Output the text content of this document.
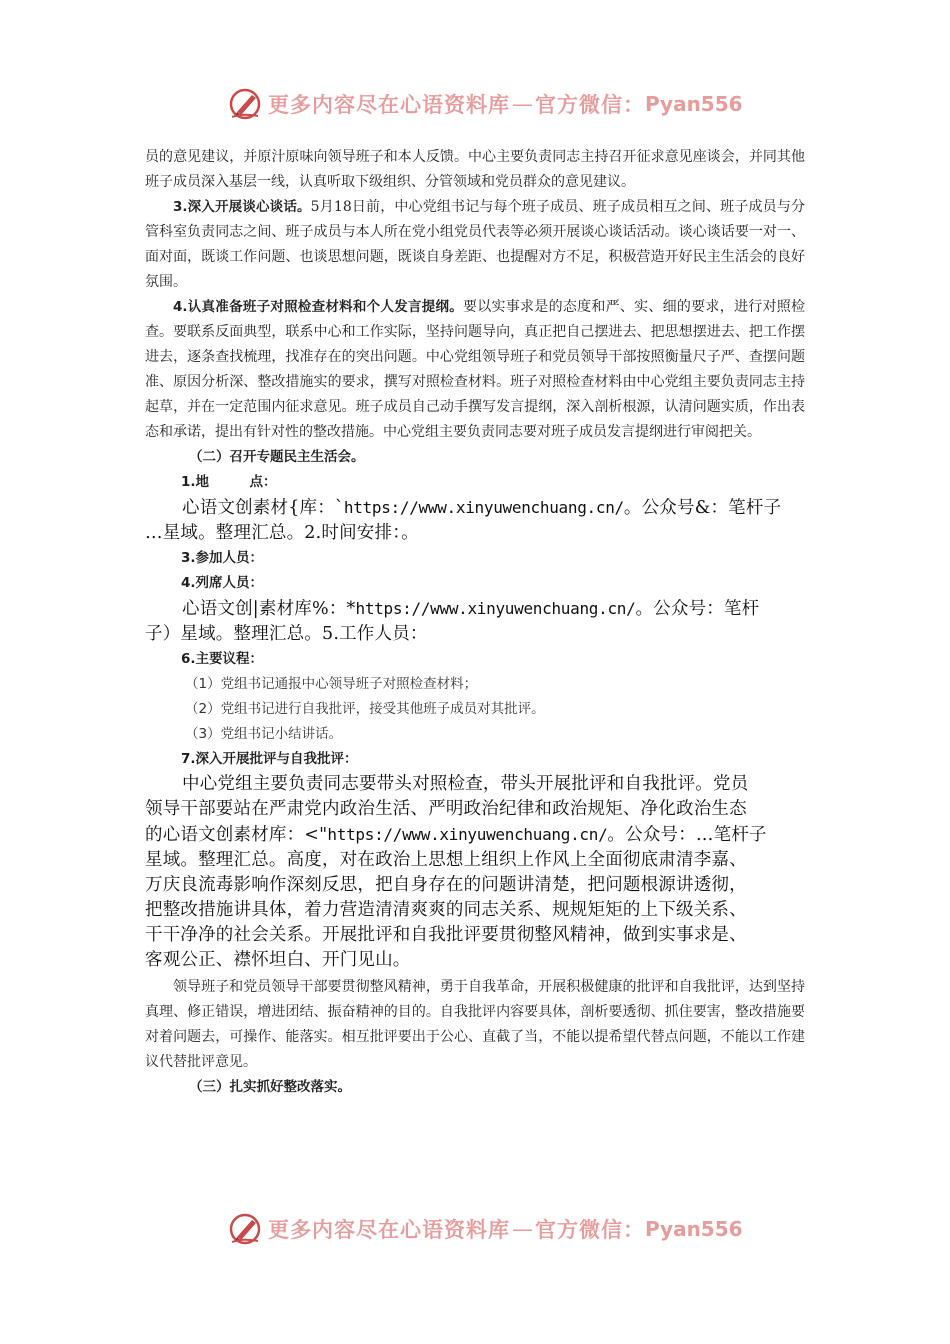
更多内容尽在心语资料库 — 官方微信： Pyan556

员的意见建议，并原汁原味向领导班子和本人反馈。中心主要负责同志主持召开征求意见座谈会，并同其他班子成员深入基层一线，认真听取下级组织、分管领域和党员群众的意见建议。

3.深入开展谈心谈话。5月18日前，中心党组书记与每个班子成员、班子成员相互之间、班子成员与分管科室负责同志之间、班子成员与本人所在党小组党员代表等必须开展谈心谈话活动。谈心谈话要一对一、面对面，既谈工作问题、也谈思想问题，既谈自身差距、也提醒对方不足，积极营造开好民主生活会的良好氛围。

4.认真准备班子对照检查材料和个人发言提纲。要以实事求是的态度和严、实、细的要求，进行对照检查。要联系反面典型，联系中心和工作实际，坚持问题导向，真正把自己摆进去、把思想摆进去、把工作摆进去，逐条查找梳理，找准存在的突出问题。中心党组领导班子和党员领导干部按照衡量尺子严、查摆问题准、原因分析深、整改措施实的要求，撰写对照检查材料。班子对照检查材料由中心党组主要负责同志主持起草，并在一定范围内征求意见。班子成员自己动手撰写发言提纲，深入剖析根源，认清问题实质，作出表态和承诺，提出有针对性的整改措施。中心党组主要负责同志要对班子成员发言提纲进行审阅把关。

（二）召开专题民主生活会。

1.地　　　点：

心语文创素材{库：`https://www.xinyuwenchuang.cn/。公众号&：笔杆子

…星域。整理汇总。2.时间安排：。

3.参加人员：

4.列席人员：

心语文创|素材库%：*https://www.xinyuwenchuang.cn/。公众号：笔杆

子）星域。整理汇总。5.工作人员：

6.主要议程：

（1）党组书记通报中心领导班子对照检查材料；

（2）党组书记进行自我批评，接受其他班子成员对其批评。

（3）党组书记小结讲话。

7.深入开展批评与自我批评：

中心党组主要负责同志要带头对照检查，带头开展批评和自我批评。党员

领导干部要站在严肃党内政治生活、严明政治纪律和政治规矩、净化政治生态

的心语文创素材库：<"https://www.xinyuwenchuang.cn/。公众号：…笔杆子

星域。整理汇总。高度，对在政治上思想上组织上作风上全面彻底肃清李嘉、

万庆良流毒影响作深刻反思，把自身存在的问题讲清楚，把问题根源讲透彻，

把整改措施讲具体，着力营造清清爽爽的同志关系、规规矩矩的上下级关系、

干干净净的社会关系。开展批评和自我批评要贯彻整风精神，做到实事求是、

客观公正、襟怀坦白、开门见山。

领导班子和党员领导干部要贯彻整风精神，勇于自我革命，开展积极健康的批评和自我批评，达到坚持真理、修正错误，增进团结、振奋精神的目的。自我批评内容要具体，剖析要透彻、抓住要害，整改措施要对着问题去，可操作、能落实。相互批评要出于公心、直截了当，不能以提希望代替点问题，不能以工作建议代替批评意见。

（三）扎实抓好整改落实。

更多内容尽在心语资料库 — 官方微信： Pyan556
